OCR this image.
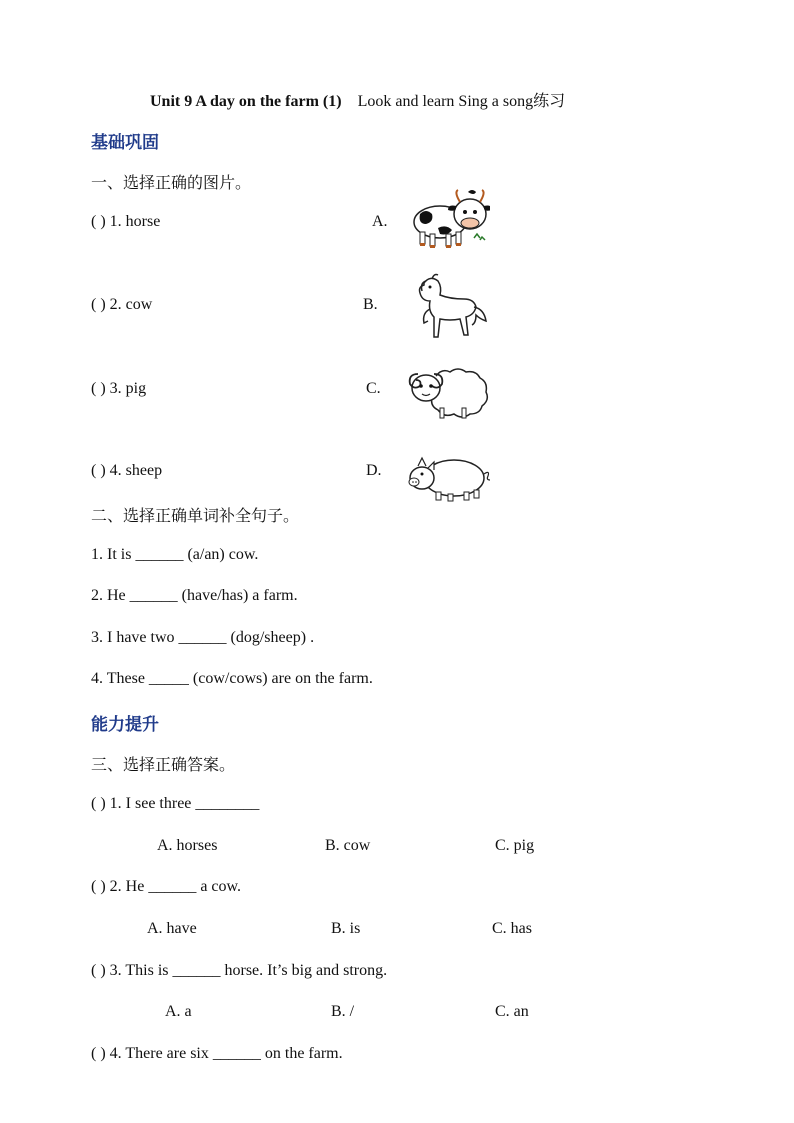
Unit 9 A day on the farm (1) Look and learn Sing a song练习
基础巩固
一、选择正确的图片。
( ) 1. horse	A.
( ) 2. cow	B.
( ) 3. pig	C.
( ) 4. sheep	D.
二、选择正确单词补全句子。
1. It is ______ (a/an) cow.
2. He ______ (have/has) a farm.
3. I have two ______ (dog/sheep) .
4. These _____ (cow/cows) are on the farm.
能力提升
三、选择正确答案。
( ) 1. I see three ________
A. horses	B. cow	C. pig
( ) 2. He ______ a cow.
A. have	B. is	C. has
( ) 3. This is ______ horse. It’s big and strong.
A. a	B. /	C. an
( ) 4. There are six ______ on the farm.
